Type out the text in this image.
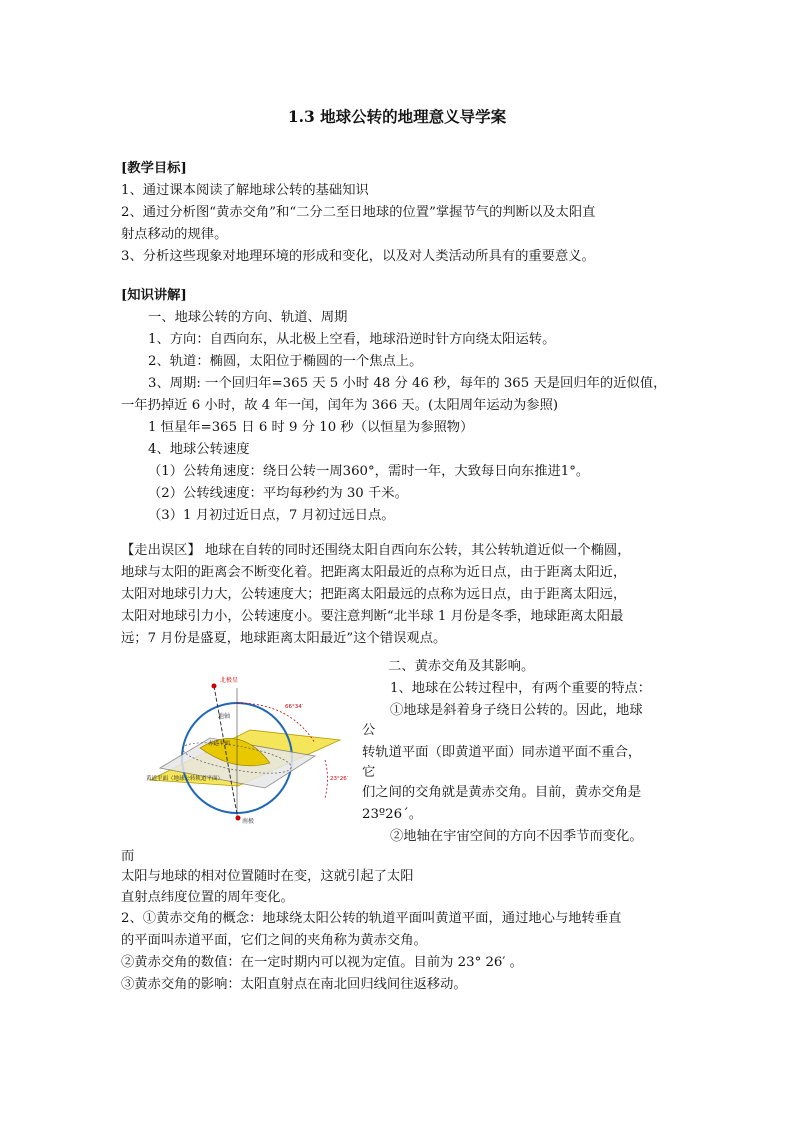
1.3 地球公转的地理意义导学案
[教学目标]
1、通过课本阅读了解地球公转的基础知识
2、通过分析图“黄赤交角”和“二分二至日地球的位置”掌握节气的判断以及太阳直
射点移动的规律。
3、分析这些现象对地理环境的形成和变化，以及对人类活动所具有的重要意义。
[知识讲解]
一、地球公转的方向、轨道、周期
1、方向：自西向东，从北极上空看，地球沿逆时针方向绕太阳运转。
2、轨道：椭圆，太阳位于椭圆的一个焦点上。
3、周期: 一个回归年=365 天 5 小时 48 分 46 秒，每年的 365 天是回归年的近似值，
一年扔掉近 6 小时，故 4 年一闰，闰年为 366 天。(太阳周年运动为参照)
1 恒星年=365 日 6 时 9 分 10 秒（以恒星为参照物）
4、地球公转速度
（1）公转角速度：绕日公转一周360°，需时一年，大致每日向东推进1°。
（2）公转线速度：平均每秒约为 30 千米。
（3）1 月初过近日点，7 月初过远日点。
【走出误区】 地球在自转的同时还围绕太阳自西向东公转，其公转轨道近似一个椭圆，
地球与太阳的距离会不断变化着。把距离太阳最近的点称为近日点，由于距离太阳近，
太阳对地球引力大，公转速度大；把距离太阳最远的点称为远日点，由于距离太阳远，
太阳对地球引力小，公转速度小。要注意判断“北半球 1 月份是冬季，地球距离太阳最
远；7 月份是盛夏，地球距离太阳最近”这个错误观点。
北极星
地轴
赤道平面
黄道平面（地球公转轨道平面）
南极
66°34′
23°26′
二、黄赤交角及其影响。
1、地球在公转过程中，有两个重要的特点：
①地球是斜着身子绕日公转的。因此，地球
公
转轨道平面（即黄道平面）同赤道平面不重合，
它
们之间的交角就是黄赤交角。目前，黄赤交角是
23º26´。
②地轴在宇宙空间的方向不因季节而变化。
而
太阳与地球的相对位置随时在变，这就引起了太阳
直射点纬度位置的周年变化。
2、①黄赤交角的概念：地球绕太阳公转的轨道平面叫黄道平面，通过地心与地转垂直
的平面叫赤道平面，它们之间的夹角称为黄赤交角。
②黄赤交角的数值：在一定时期内可以视为定值。目前为 23° 26′ 。
③黄赤交角的影响：太阳直射点在南北回归线间往返移动。
